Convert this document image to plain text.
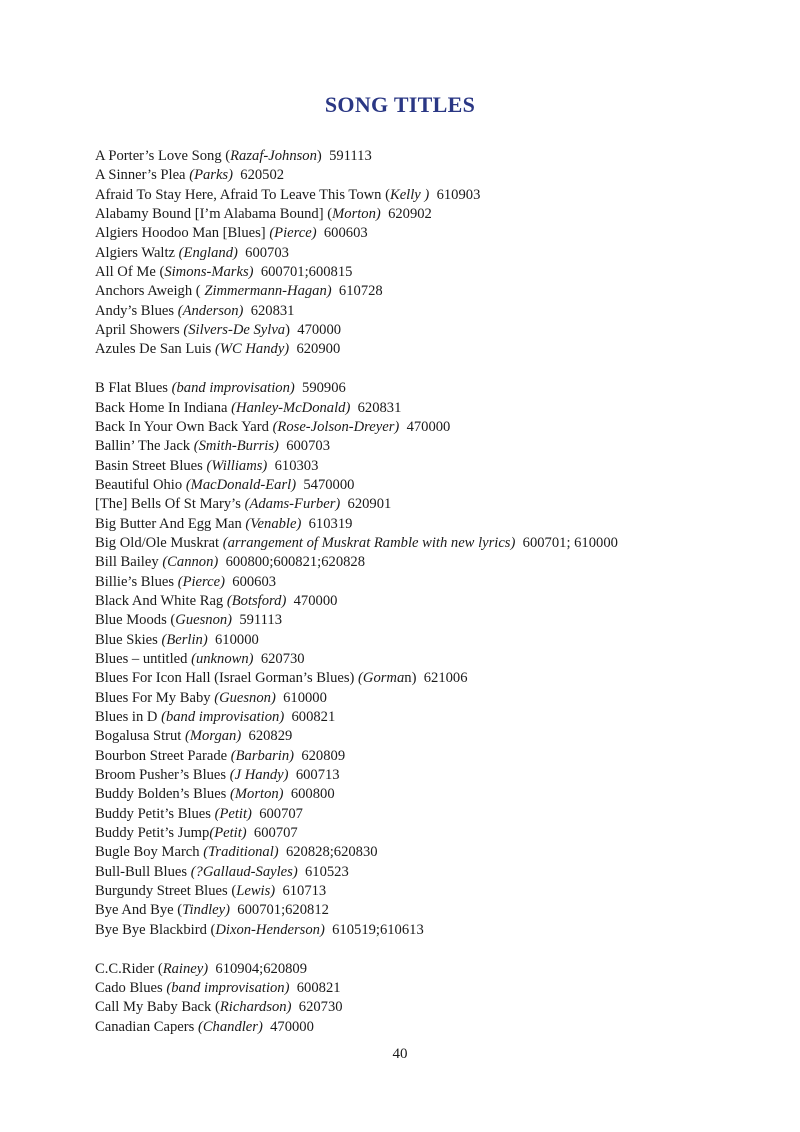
SONG TITLES
A Porter’s Love Song (Razaf-Johnson) 591113
A Sinner’s Plea (Parks) 620502
Afraid To Stay Here, Afraid To Leave This Town (Kelly ) 610903
Alabamy Bound [I’m Alabama Bound] (Morton) 620902
Algiers Hoodoo Man [Blues] (Pierce) 600603
Algiers Waltz (England) 600703
All Of Me (Simons-Marks) 600701;600815
Anchors Aweigh ( Zimmermann-Hagan) 610728
Andy’s Blues (Anderson) 620831
April Showers (Silvers-De Sylva) 470000
Azules De San Luis (WC Handy) 620900
B Flat Blues (band improvisation) 590906
Back Home In Indiana (Hanley-McDonald) 620831
Back In Your Own Back Yard (Rose-Jolson-Dreyer) 470000
Ballin’ The Jack (Smith-Burris) 600703
Basin Street Blues (Williams) 610303
Beautiful Ohio (MacDonald-Earl) 5470000
[The] Bells Of St Mary’s (Adams-Furber) 620901
Big Butter And Egg Man (Venable) 610319
Big Old/Ole Muskrat (arrangement of Muskrat Ramble with new lyrics) 600701; 610000
Bill Bailey (Cannon) 600800;600821;620828
Billie’s Blues (Pierce) 600603
Black And White Rag (Botsford) 470000
Blue Moods (Guesnon) 591113
Blue Skies (Berlin) 610000
Blues – untitled (unknown) 620730
Blues For Icon Hall (Israel Gorman’s Blues) (Gorman) 621006
Blues For My Baby (Guesnon) 610000
Blues in D (band improvisation) 600821
Bogalusa Strut (Morgan) 620829
Bourbon Street Parade (Barbarin) 620809
Broom Pusher’s Blues (J Handy) 600713
Buddy Bolden’s Blues (Morton) 600800
Buddy Petit’s Blues (Petit) 600707
Buddy Petit’s Jump(Petit) 600707
Bugle Boy March (Traditional) 620828;620830
Bull-Bull Blues (?Gallaud-Sayles) 610523
Burgundy Street Blues (Lewis) 610713
Bye And Bye (Tindley) 600701;620812
Bye Bye Blackbird (Dixon-Henderson) 610519;610613
C.C.Rider (Rainey) 610904;620809
Cado Blues (band improvisation) 600821
Call My Baby Back (Richardson) 620730
Canadian Capers (Chandler) 470000
40
